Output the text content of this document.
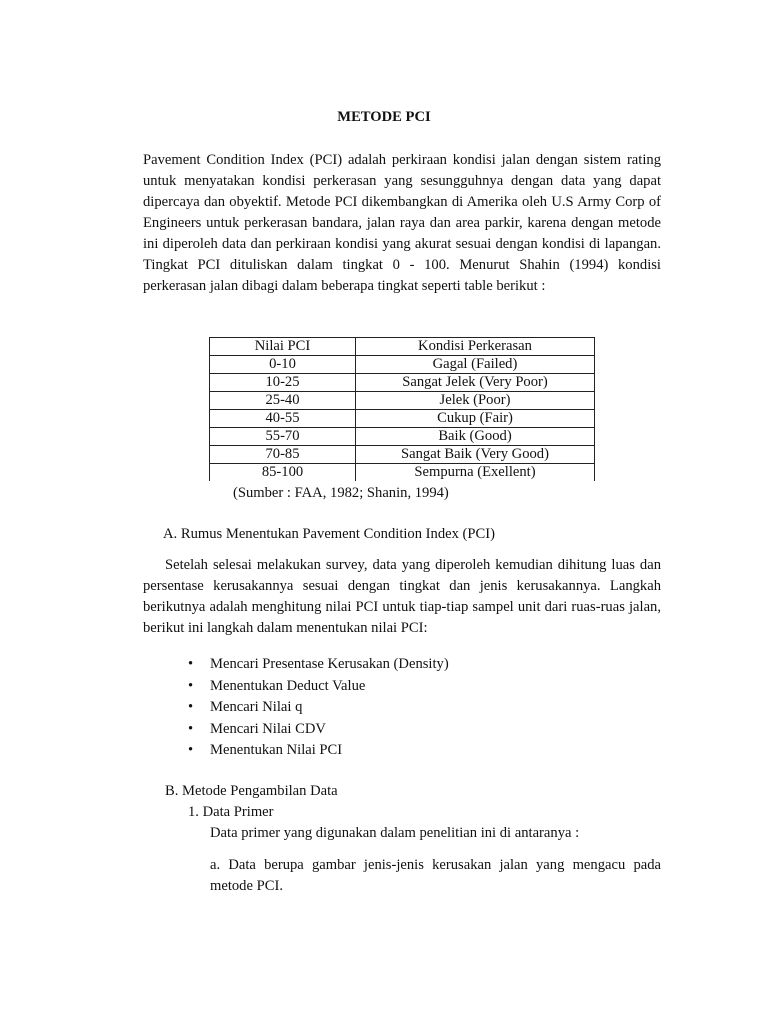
METODE PCI

Pavement Condition Index (PCI) adalah perkiraan kondisi jalan dengan sistem rating untuk menyatakan kondisi perkerasan yang sesungguhnya dengan data yang dapat dipercaya dan obyektif. Metode PCI dikembangkan di Amerika oleh U.S Army Corp of Engineers untuk perkerasan bandara, jalan raya dan area parkir, karena dengan metode ini diperoleh data dan perkiraan kondisi yang akurat sesuai dengan kondisi di lapangan. Tingkat PCI dituliskan dalam tingkat 0 - 100. Menurut Shahin (1994) kondisi perkerasan jalan dibagi dalam beberapa tingkat seperti table berikut :

Nilai PCI	Kondisi Perkerasan
0-10	Gagal (Failed)
10-25	Sangat Jelek (Very Poor)
25-40	Jelek (Poor)
40-55	Cukup (Fair)
55-70	Baik (Good)
70-85	Sangat Baik (Very Good)
85-100	Sempurna (Exellent)
(Sumber : FAA, 1982; Shanin, 1994)
A. Rumus Menentukan Pavement Condition Index (PCI)

Setelah selesai melakukan survey, data yang diperoleh kemudian dihitung luas dan persentase kerusakannya sesuai dengan tingkat dan jenis kerusakannya. Langkah berikutnya adalah menghitung nilai PCI untuk tiap-tiap sampel unit dari ruas-ruas jalan, berikut ini langkah dalam menentukan nilai PCI:

• Mencari Presentase Kerusakan (Density)
• Menentukan Deduct Value
• Mencari Nilai q
• Mencari Nilai CDV
• Menentukan Nilai PCI
B. Metode Pengambilan Data
1. Data Primer
Data primer yang digunakan dalam penelitian ini di antaranya :

a. Data berupa gambar jenis-jenis kerusakan jalan yang mengacu pada metode PCI.
